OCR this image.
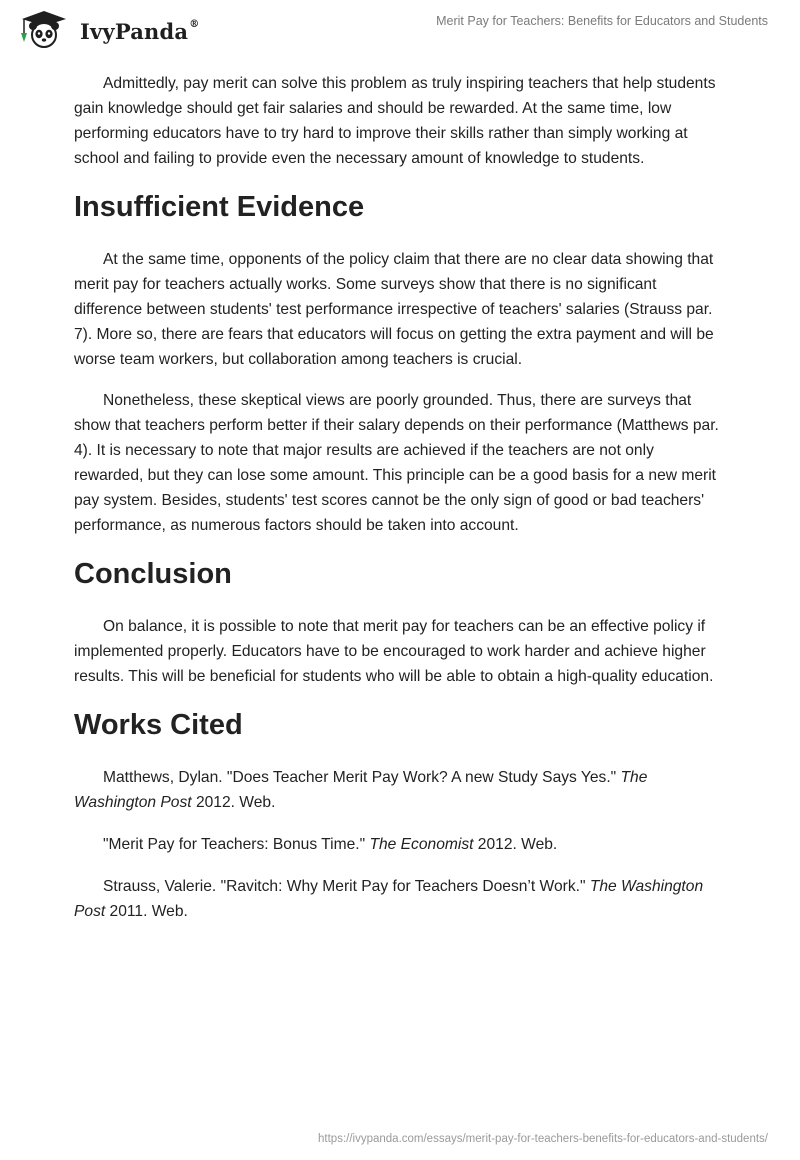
IvyPanda®	Merit Pay for Teachers: Benefits for Educators and Students

Admittedly, pay merit can solve this problem as truly inspiring teachers that help students gain knowledge should get fair salaries and should be rewarded. At the same time, low performing educators have to try hard to improve their skills rather than simply working at school and failing to provide even the necessary amount of knowledge to students.

Insufficient Evidence

At the same time, opponents of the policy claim that there are no clear data showing that merit pay for teachers actually works. Some surveys show that there is no significant difference between students' test performance irrespective of teachers' salaries (Strauss par. 7). More so, there are fears that educators will focus on getting the extra payment and will be worse team workers, but collaboration among teachers is crucial.

Nonetheless, these skeptical views are poorly grounded. Thus, there are surveys that show that teachers perform better if their salary depends on their performance (Matthews par. 4). It is necessary to note that major results are achieved if the teachers are not only rewarded, but they can lose some amount. This principle can be a good basis for a new merit pay system. Besides, students' test scores cannot be the only sign of good or bad teachers' performance, as numerous factors should be taken into account.

Conclusion

On balance, it is possible to note that merit pay for teachers can be an effective policy if implemented properly. Educators have to be encouraged to work harder and achieve higher results. This will be beneficial for students who will be able to obtain a high-quality education.

Works Cited

Matthews, Dylan. "Does Teacher Merit Pay Work? A new Study Says Yes." The Washington Post 2012. Web.

"Merit Pay for Teachers: Bonus Time." The Economist 2012. Web.

Strauss, Valerie. "Ravitch: Why Merit Pay for Teachers Doesn’t Work." The Washington Post 2011. Web.

https://ivypanda.com/essays/merit-pay-for-teachers-benefits-for-educators-and-students/
